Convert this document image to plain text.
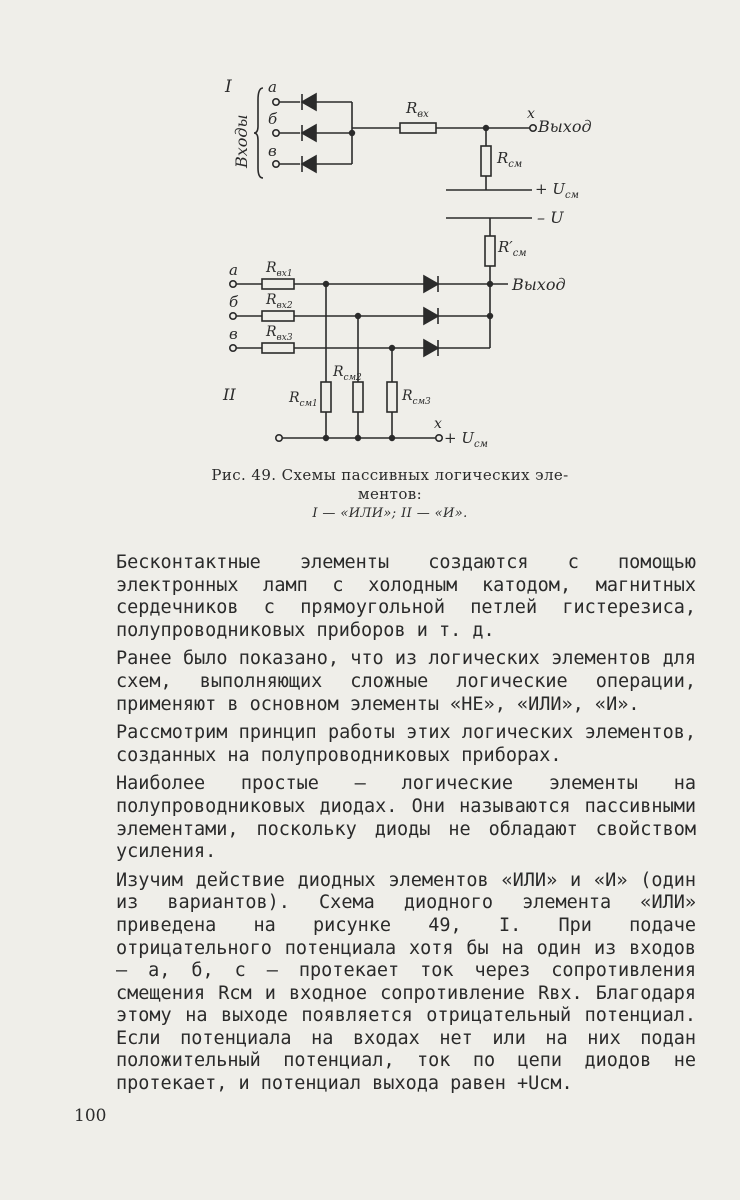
I
Входы
а
б
в
$R_{вх}$	x
Выход
$R_{см}$
+ $U_{см}$
– U
$R'_{см}$
Выход
а
б
в
$R_{вх1}$
$R_{вх2}$
$R_{вх3}$
$R_{см1}$
$R_{см2}$
$R_{см3}$
II
x
+ $U_{см}$
Рис. 49. Схемы пассивных логических эле-
ментов:
I — «ИЛИ»; II — «И».

Бесконтактные элементы создаются с помощью электронных ламп с холодным катодом, магнитных сердечников с прямоугольной петлей гистерезиса, полупроводниковых приборов и т. д.

Ранее было показано, что из логических элементов для схем, выполняющих сложные логические операции, применяют в основном элементы «НЕ», «ИЛИ», «И».

Рассмотрим принцип работы этих логических элементов, созданных на полупроводниковых приборах.

Наиболее простые — логические элементы на полупроводниковых диодах. Они называются пассивными элементами, поскольку диоды не обладают свойством усиления.

Изучим действие диодных элементов «ИЛИ» и «И» (один из вариантов). Схема диодного элемента «ИЛИ» приведена на рисунке 49, I. При подаче отрицательного потенциала хотя бы на один из входов — а, б, с — протекает ток через сопротивления смещения Rсм и входное сопротивление Rвх. Благодаря этому на выходе появляется отрицательный потенциал. Если потенциала на входах нет или на них подан положительный потенциал, ток по цепи диодов не протекает, и потенциал выхода равен +Uсм.

100
